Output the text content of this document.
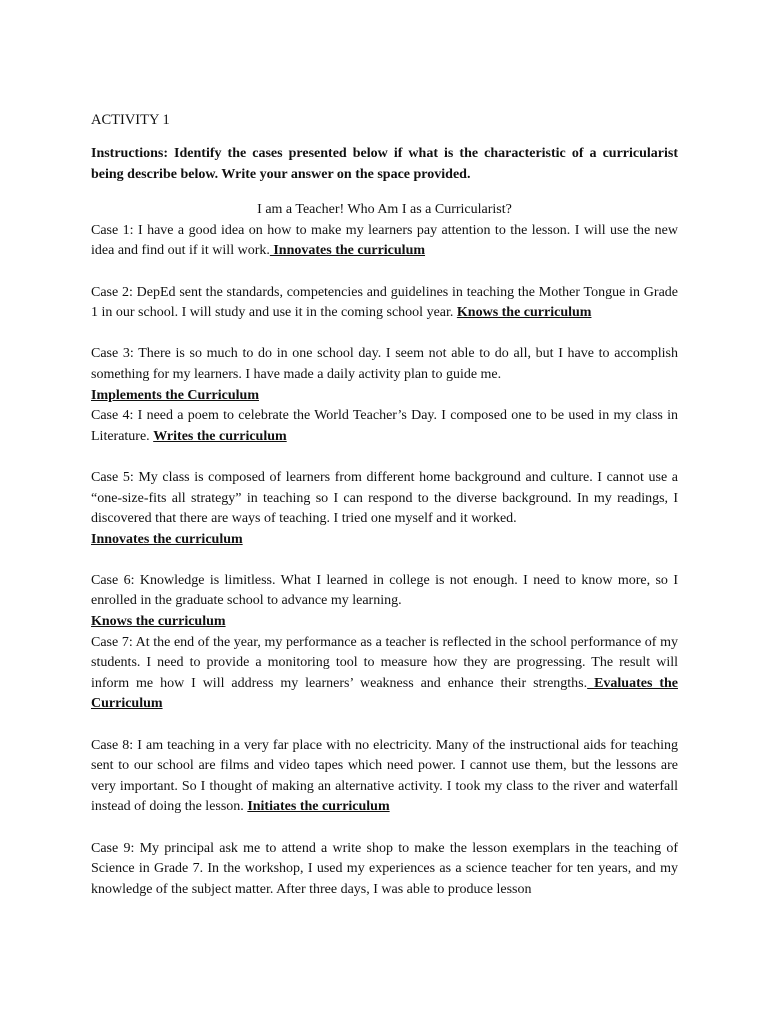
ACTIVITY 1

Instructions: Identify the cases presented below if what is the characteristic of a curricularist being describe below. Write your answer on the space provided.

I am a Teacher! Who Am I as a Curricularist?

Case 1: I have a good idea on how to make my learners pay attention to the lesson. I will use the new idea and find out if it will work. Innovates the curriculum

Case 2: DepEd sent the standards, competencies and guidelines in teaching the Mother Tongue in Grade 1 in our school. I will study and use it in the coming school year. Knows the curriculum

Case 3: There is so much to do in one school day. I seem not able to do all, but I have to accomplish something for my learners. I have made a daily activity plan to guide me.

Implements the Curriculum

Case 4: I need a poem to celebrate the World Teacher’s Day. I composed one to be used in my class in Literature. Writes the curriculum

Case 5: My class is composed of learners from different home background and culture. I cannot use a “one-size-fits all strategy” in teaching so I can respond to the diverse background. In my readings, I discovered that there are ways of teaching. I tried one myself and it worked.

Innovates the curriculum

Case 6: Knowledge is limitless. What I learned in college is not enough. I need to know more, so I enrolled in the graduate school to advance my learning.

Knows the curriculum

Case 7: At the end of the year, my performance as a teacher is reflected in the school performance of my students. I need to provide a monitoring tool to measure how they are progressing. The result will inform me how I will address my learners’ weakness and enhance their strengths. Evaluates the Curriculum

Case 8: I am teaching in a very far place with no electricity. Many of the instructional aids for teaching sent to our school are films and video tapes which need power. I cannot use them, but the lessons are very important. So I thought of making an alternative activity. I took my class to the river and waterfall instead of doing the lesson. Initiates the curriculum

Case 9: My principal ask me to attend a write shop to make the lesson exemplars in the teaching of Science in Grade 7. In the workshop, I used my experiences as a science teacher for ten years, and my knowledge of the subject matter. After three days, I was able to produce lesson
